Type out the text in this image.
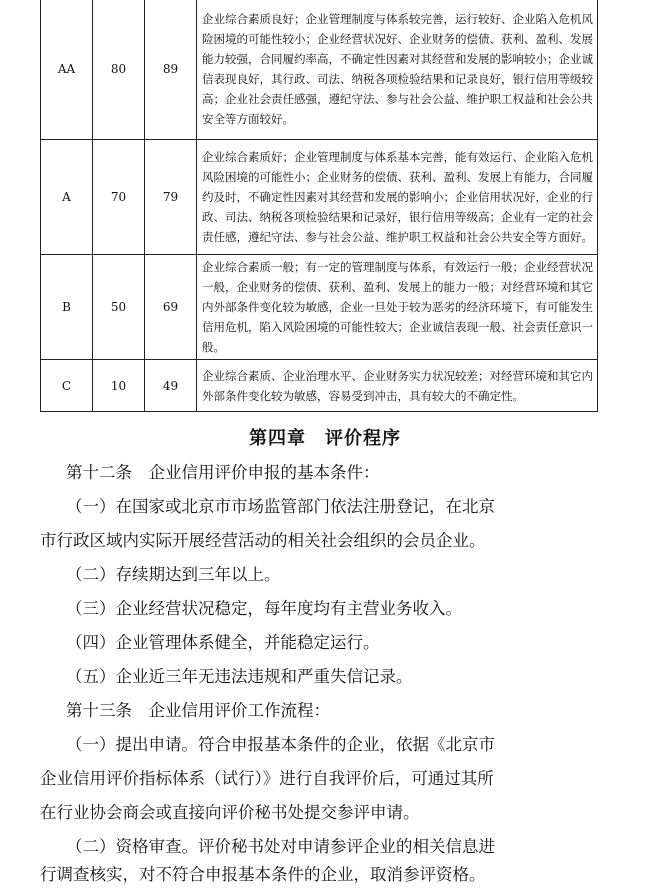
AA	80	89	企业综合素质良好；企业管理制度与体系较完善，运行较好、企业陷入危机风险困境的可能性较小；企业经营状况好、企业财务的偿债、获利、盈利、发展能力较强，合同履约率高，不确定性因素对其经营和发展的影响较小；企业诚信表现良好，其行政、司法、纳税各项检验结果和记录良好，银行信用等级较高；企业社会责任感强，遵纪守法、参与社会公益、维护职工权益和社会公共安全等方面较好。
A	70	79	企业综合素质好；企业管理制度与体系基本完善，能有效运行、企业陷入危机风险困境的可能性小；企业财务的偿债、获利、盈利、发展上有能力，合同履约及时，不确定性因素对其经营和发展的影响小；企业信用状况好，企业的行政、司法、纳税各项检验结果和记录好，银行信用等级高；企业有一定的社会责任感，遵纪守法、参与社会公益、维护职工权益和社会公共安全等方面好。
B	50	69	企业综合素质一般；有一定的管理制度与体系，有效运行一般；企业经营状况一般，企业财务的偿债、获利、盈利、发展上的能力一般；对经营环境和其它内外部条件变化较为敏感，企业一旦处于较为恶劣的经济环境下，有可能发生信用危机，陷入风险困境的可能性较大；企业诚信表现一般、社会责任意识一般。
C	10	49	企业综合素质、企业治理水平、企业财务实力状况较差；对经营环境和其它内外部条件变化较为敏感，容易受到冲击，具有较大的不确定性。
第四章　评价程序
第十二条　企业信用评价申报的基本条件：
（一）在国家或北京市市场监管部门依法注册登记，在北京
市行政区域内实际开展经营活动的相关社会组织的会员企业。
（二）存续期达到三年以上。
（三）企业经营状况稳定，每年度均有主营业务收入。
（四）企业管理体系健全，并能稳定运行。
（五）企业近三年无违法违规和严重失信记录。
第十三条　企业信用评价工作流程：
（一）提出申请。符合申报基本条件的企业，依据《北京市
企业信用评价指标体系（试行）》进行自我评价后，可通过其所
在行业协会商会或直接向评价秘书处提交参评申请。
（二）资格审查。评价秘书处对申请参评企业的相关信息进
行调查核实，对不符合申报基本条件的企业，取消参评资格。
